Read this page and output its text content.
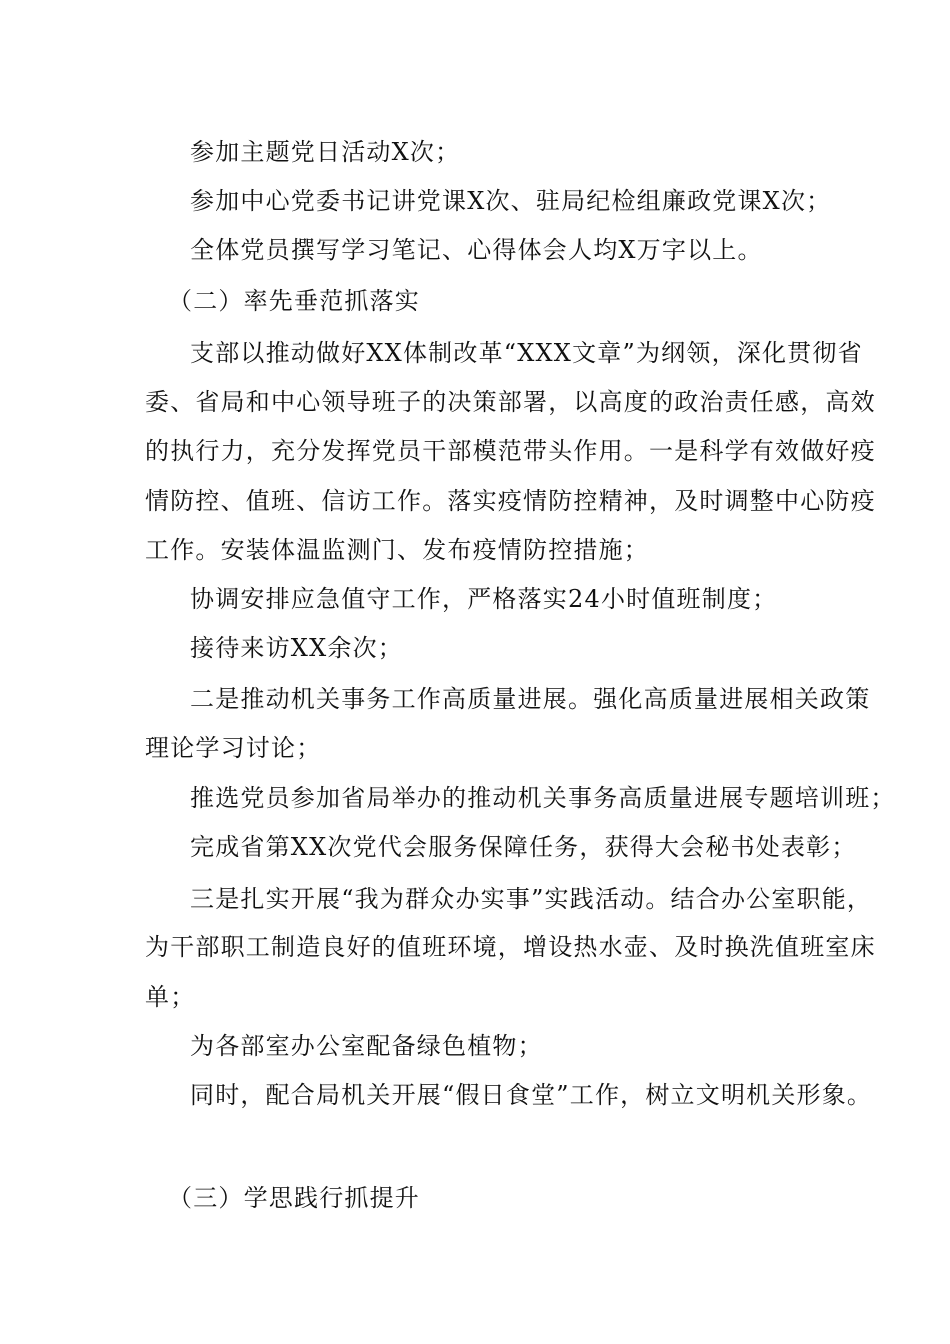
参加主题党日活动X次；
参加中心党委书记讲党课X次、驻局纪检组廉政党课X次；
全体党员撰写学习笔记、心得体会人均X万字以上。
（二）率先垂范抓落实
支部以推动做好XX体制改革“XXX文章”为纲领，深化贯彻省
委、省局和中心领导班子的决策部署，以高度的政治责任感，高效
的执行力，充分发挥党员干部模范带头作用。一是科学有效做好疫
情防控、值班、信访工作。落实疫情防控精神，及时调整中心防疫
工作。安装体温监测门、发布疫情防控措施；
协调安排应急值守工作，严格落实24小时值班制度；
接待来访XX余次；
二是推动机关事务工作高质量进展。强化高质量进展相关政策
理论学习讨论；
推选党员参加省局举办的推动机关事务高质量进展专题培训班；
完成省第XX次党代会服务保障任务，获得大会秘书处表彰；
三是扎实开展“我为群众办实事”实践活动。结合办公室职能，
为干部职工制造良好的值班环境，增设热水壶、及时换洗值班室床
单；
为各部室办公室配备绿色植物；
同时，配合局机关开展“假日食堂”工作，树立文明机关形象。
（三）学思践行抓提升
